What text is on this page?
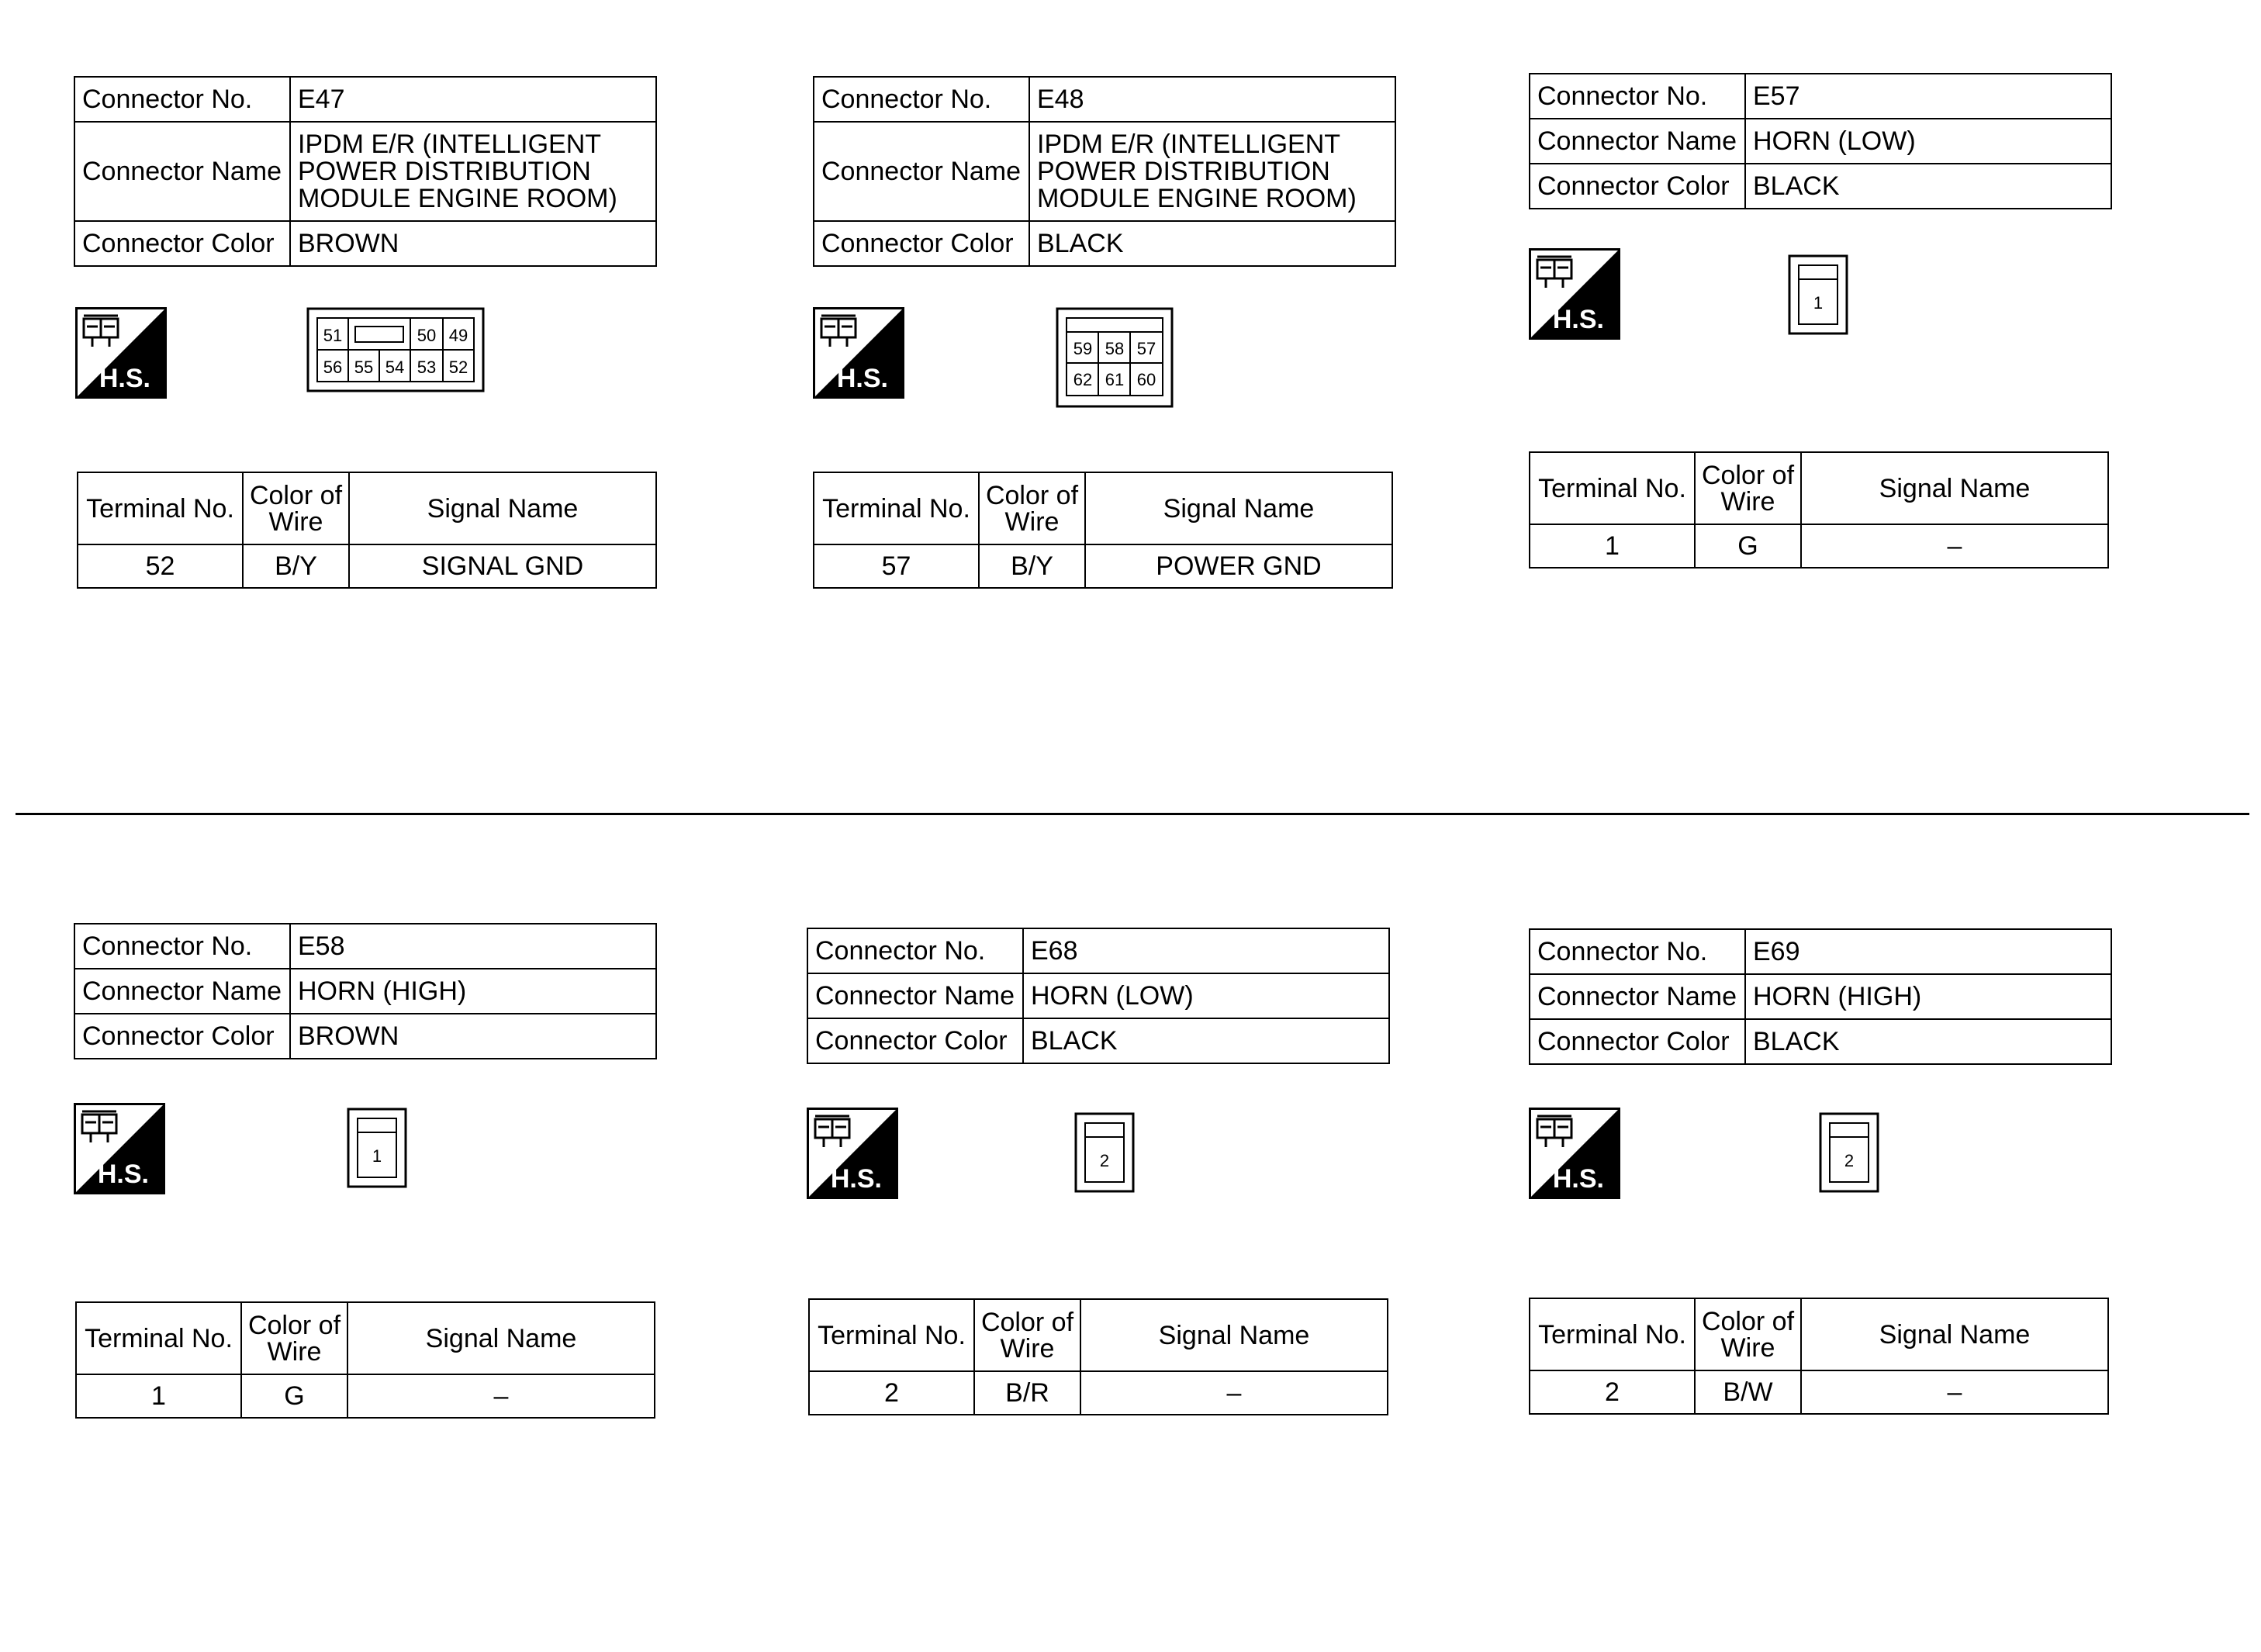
Connector No.	E47
Connector Name	IPDM E/R (INTELLIGENT
POWER DISTRIBUTION
MODULE ENGINE ROOM)

Connector Color	BROWN
51	50 49
56 55 54 53 52
Terminal No.	Color of Wire	Signal Name
52	B/Y	SIGNAL GND
Connector No.	E48
Connector Name	IPDM E/R (INTELLIGENT
POWER DISTRIBUTION
MODULE ENGINE ROOM)

Connector Color	BLACK
59 58 57
62 61 60
Terminal No.	Color of Wire	Signal Name
57	B/Y	POWER GND
Connector No.	E57
Connector Name	HORN (LOW)
Connector Color	BLACK
1
Terminal No.	Color of Wire	Signal Name
1	G	–
Connector No.	E58
Connector Name	HORN (HIGH)
Connector Color	BROWN
1
Terminal No.	Color of Wire	Signal Name
1	G	–
Connector No.	E68
Connector Name	HORN (LOW)
Connector Color	BLACK
2
Terminal No.	Color of Wire	Signal Name
2	B/R	–
Connector No.	E69
Connector Name	HORN (HIGH)
Connector Color	BLACK
2
Terminal No.	Color of Wire	Signal Name
2	B/W	–
